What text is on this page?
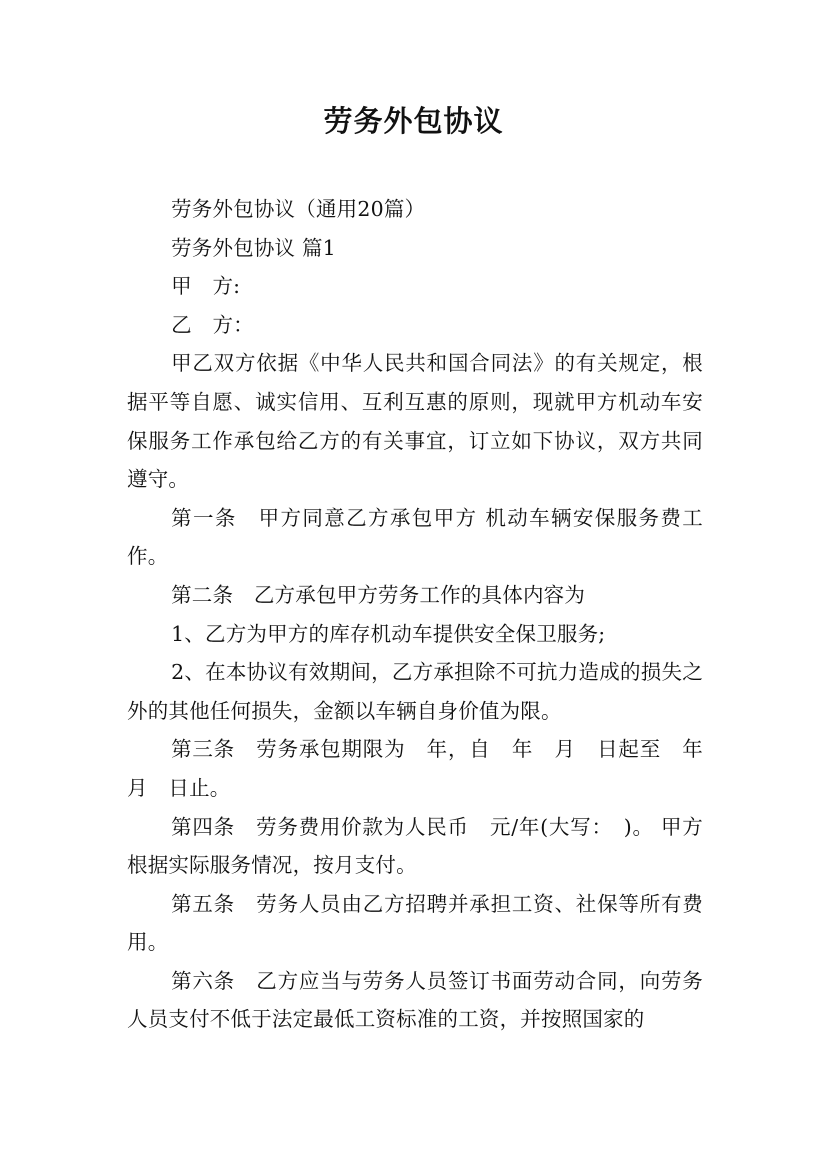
劳务外包协议

劳务外包协议（通用20篇）

劳务外包协议 篇1

甲　方:

乙　方：

甲乙双方依据《中华人民共和国合同法》的有关规定，根据平等自愿、诚实信用、互利互惠的原则，现就甲方机动车安保服务工作承包给乙方的有关事宜，订立如下协议，双方共同遵守。

第一条　甲方同意乙方承包甲方 机动车辆安保服务费工作。

第二条　乙方承包甲方劳务工作的具体内容为

1、乙方为甲方的库存机动车提供安全保卫服务;

2、在本协议有效期间，乙方承担除不可抗力造成的损失之外的其他任何损失，金额以车辆自身价值为限。

第三条　劳务承包期限为　年，自　年　月　日起至　年　月　日止。

第四条　劳务费用价款为人民币　元/年(大写：　)。 甲方根据实际服务情况，按月支付。

第五条　劳务人员由乙方招聘并承担工资、社保等所有费用。

第六条　乙方应当与劳务人员签订书面劳动合同，向劳务人员支付不低于法定最低工资标准的工资，并按照国家的
